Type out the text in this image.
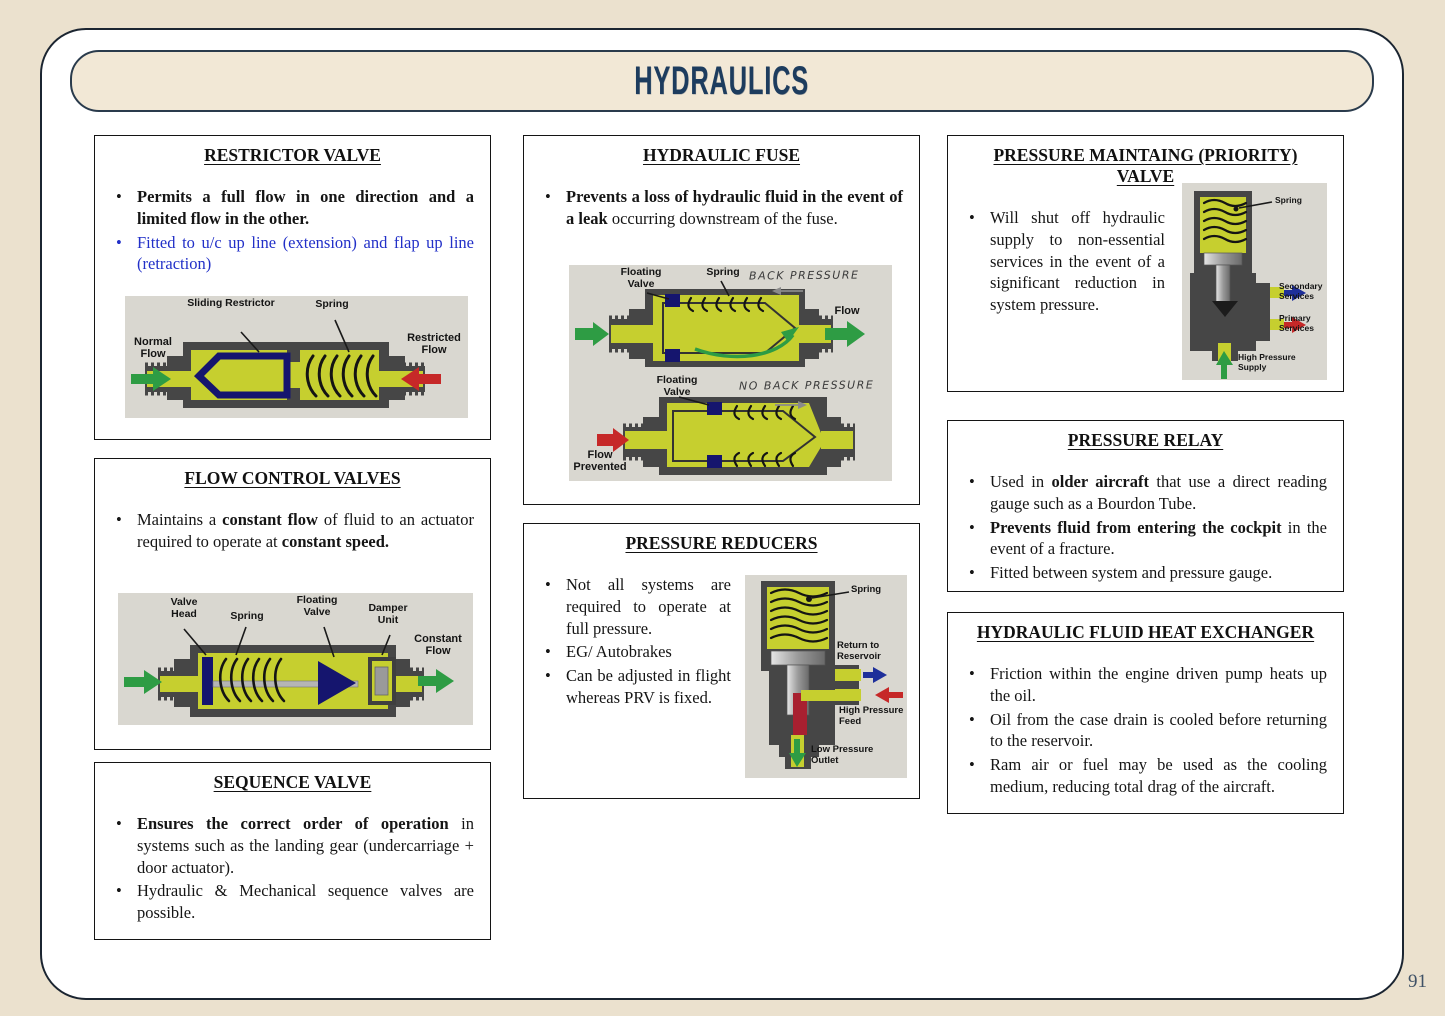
HYDRAULICS
RESTRICTOR VALVE
• Permits a full flow in one direction and a limited flow in the other.
• Fitted to u/c up line (extension) and flap up line (retraction)
Sliding Restrictor	Spring
Normal Flow
Restricted Flow
FLOW CONTROL VALVES
• Maintains a constant flow of fluid to an actuator required to operate at constant speed.
Valve Head	Spring
Floating Valve	Damper Unit
Constant Flow
SEQUENCE VALVE
• Ensures the correct order of operation in systems such as the landing gear (undercarriage + door actuator).
• Hydraulic & Mechanical sequence valves are possible.
HYDRAULIC FUSE
• Prevents a loss of hydraulic fluid in the event of a leak occurring downstream of the fuse.
Floating Valve
Spring BACK PRESSURE
Flow
Floating Valve	NO BACK PRESSURE
Flow Prevented
PRESSURE REDUCERS
• Not all systems are required to operate at full pressure.
• EG/ Autobrakes
• Can be adjusted in flight whereas PRV is fixed.
Spring
Return to Reservoir
High Pressure Feed
Low Pressure Outlet
PRESSURE MAINTAING (PRIORITY) VALVE
• Will shut off hydraulic supply to non-essential services in the event of a significant reduction in system pressure.
Spring
Secondary Services
Primary Services
High Pressure Supply
PRESSURE RELAY
• Used in older aircraft that use a direct reading gauge such as a Bourdon Tube.
• Prevents fluid from entering the cockpit in the event of a fracture.
• Fitted between system and pressure gauge.
HYDRAULIC FLUID HEAT EXCHANGER
• Friction within the engine driven pump heats up the oil.
• Oil from the case drain is cooled before returning to the reservoir.
• Ram air or fuel may be used as the cooling medium, reducing total drag of the aircraft.
91
